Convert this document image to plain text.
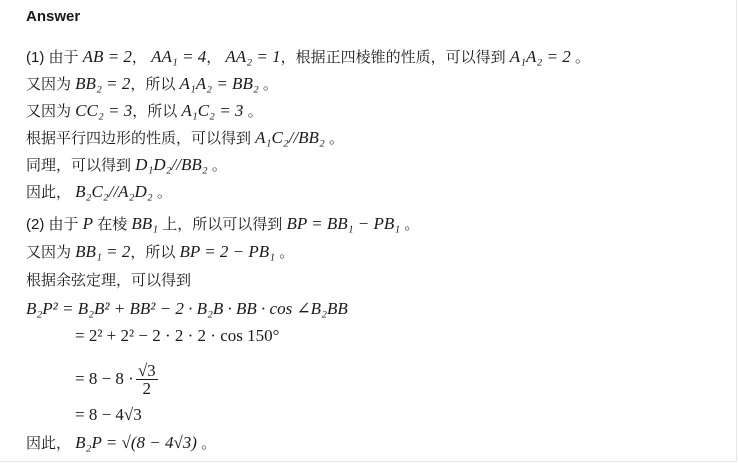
Answer
(1) 由于 AB = 2， AA₁ = 4， AA₂ = 1，根据正四棱锥的性质，可以得到 A₁A₂ = 2 。
又因为 BB₂ = 2，所以 A₁A₂ = BB₂ 。
又因为 CC₂ = 3，所以 A₁C₂ = 3 。
根据平行四边形的性质，可以得到 A₁C₂//BB₂ 。
同理，可以得到 D₁D₂//BB₂ 。
因此， B₂C₂//A₂D₂ 。
(2) 由于 P 在棱 BB₁ 上，所以可以得到 BP = BB₁ − PB₁ 。
又因为 BB₁ = 2，所以 BP = 2 − PB₁ 。
根据余弦定理，可以得到
B₂P² = B₂B² + BB² − 2 · B₂B · BB · cos ∠B₂BB
= 2² + 2² − 2 · 2 · 2 · cos 150°
= $8 - 8 \cdot \frac{√3}{2}$
= 8 − 4√3
因此， B₂P = √(8 − 4√3) 。
